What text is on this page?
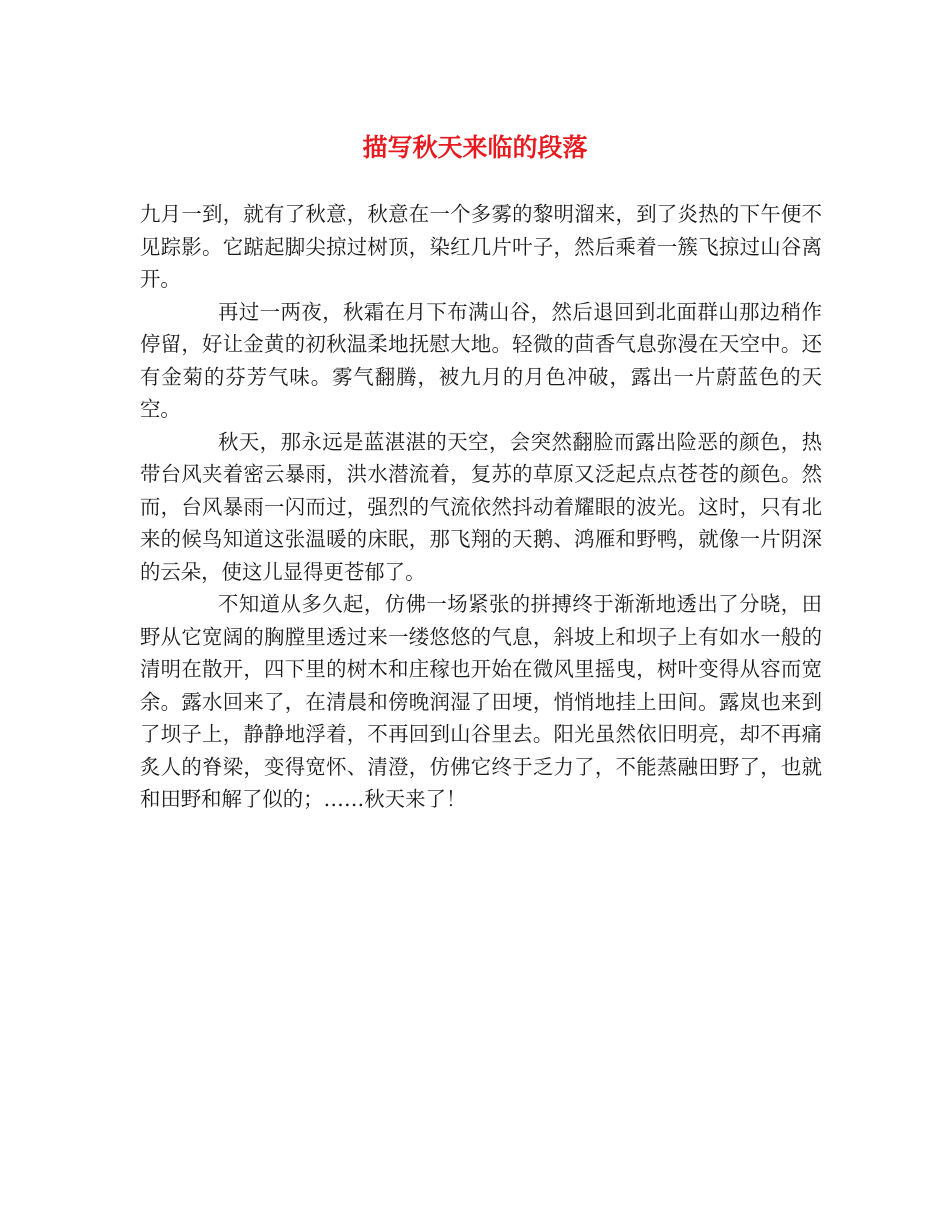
描写秋天来临的段落

九月一到，就有了秋意，秋意在一个多雾的黎明溜来，到了炎热的下午便不见踪影。它踮起脚尖掠过树顶，染红几片叶子，然后乘着一簇飞掠过山谷离开。

再过一两夜，秋霜在月下布满山谷，然后退回到北面群山那边稍作停留，好让金黄的初秋温柔地抚慰大地。轻微的茴香气息弥漫在天空中。还有金菊的芬芳气味。雾气翻腾，被九月的月色冲破，露出一片蔚蓝色的天空。

秋天，那永远是蓝湛湛的天空，会突然翻脸而露出险恶的颜色，热带台风夹着密云暴雨，洪水潜流着，复苏的草原又泛起点点苍苍的颜色。然而，台风暴雨一闪而过，强烈的气流依然抖动着耀眼的波光。这时，只有北来的候鸟知道这张温暖的床眠，那飞翔的天鹅、鸿雁和野鸭，就像一片阴深的云朵，使这儿显得更苍郁了。

不知道从多久起，仿佛一场紧张的拼搏终于渐渐地透出了分晓，田野从它宽阔的胸膛里透过来一缕悠悠的气息，斜坡上和坝子上有如水一般的清明在散开，四下里的树木和庄稼也开始在微风里摇曳，树叶变得从容而宽余。露水回来了，在清晨和傍晚润湿了田埂，悄悄地挂上田间。露岚也来到了坝子上，静静地浮着，不再回到山谷里去。阳光虽然依旧明亮，却不再痛炙人的脊梁，变得宽怀、清澄，仿佛它终于乏力了，不能蒸融田野了，也就和田野和解了似的；……秋天来了！
